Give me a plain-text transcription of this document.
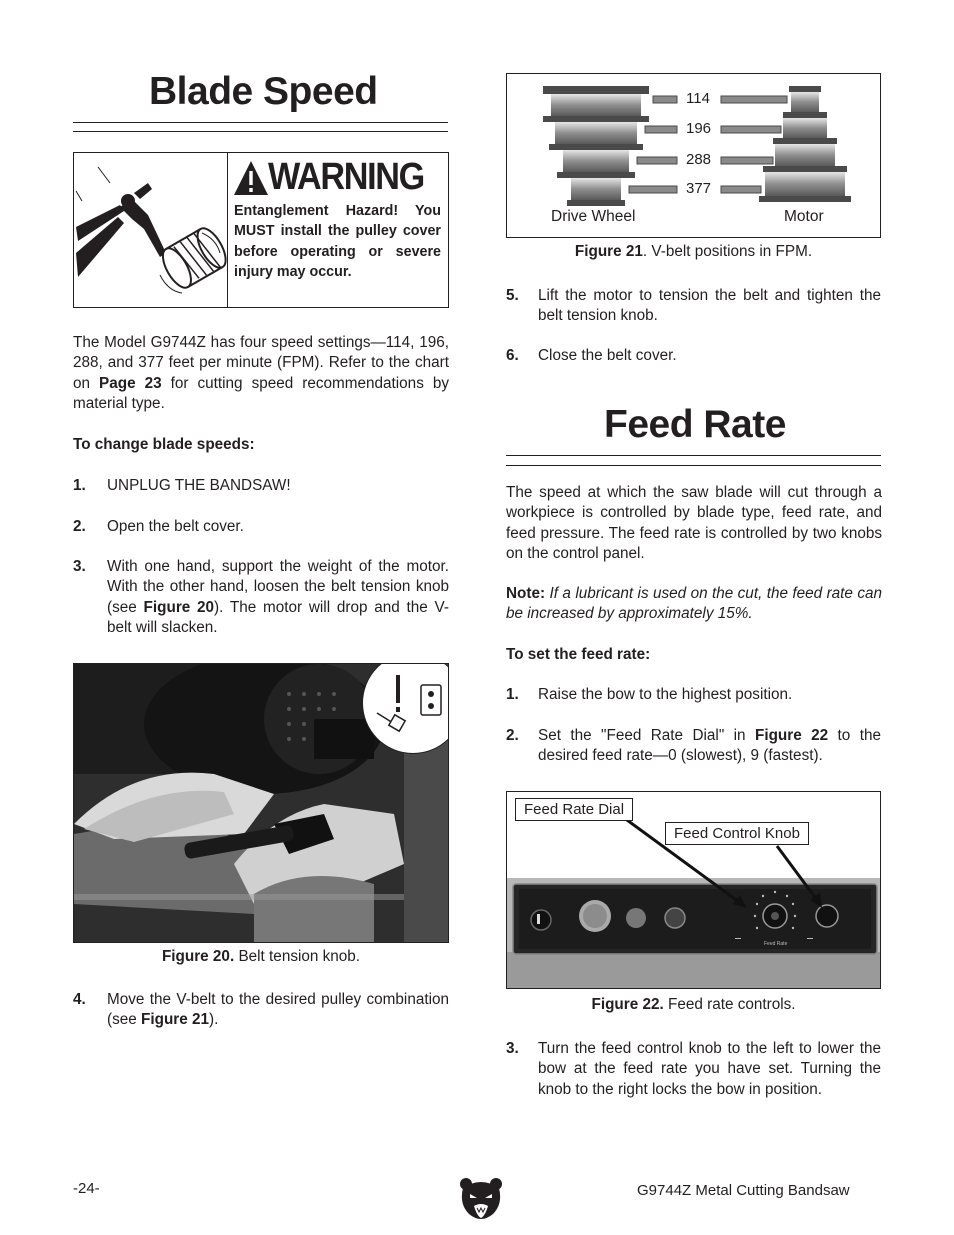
Blade Speed
WARNING
Entanglement Hazard! You MUST install the pulley cover before operating or severe injury may occur.
The Model G9744Z has four speed settings—114, 196, 288, and 377 feet per minute (FPM). Refer to the chart on Page 23 for cutting speed recommendations by material type.
To change blade speeds:
1. UNPLUG THE BANDSAW!
2. Open the belt cover.
3. With one hand, support the weight of the motor. With the other hand, loosen the belt tension knob (see Figure 20). The motor will drop and the V-belt will slacken.
Figure 20. Belt tension knob.
4. Move the V-belt to the desired pulley combination (see Figure 21).
114
196
288
377
Drive Wheel	Motor
Figure 21. V-belt positions in FPM.
5. Lift the motor to tension the belt and tighten the belt tension knob.
6. Close the belt cover.
Feed Rate
The speed at which the saw blade will cut through a workpiece is controlled by blade type, feed rate, and feed pressure. The feed rate is controlled by two knobs on the control panel.
Note: If a lubricant is used on the cut, the feed rate can be increased by approximately 15%.
To set the feed rate:
1. Raise the bow to the highest position.
2. Set the "Feed Rate Dial" in Figure 22 to the desired feed rate—0 (slowest), 9 (fastest).
Feed Rate
Feed Rate Dial
Feed Control Knob
Figure 22. Feed rate controls.
3. Turn the feed control knob to the left to lower the bow at the feed rate you have set. Turning the knob to the right locks the bow in position.
-24-	G9744Z Metal Cutting Bandsaw
